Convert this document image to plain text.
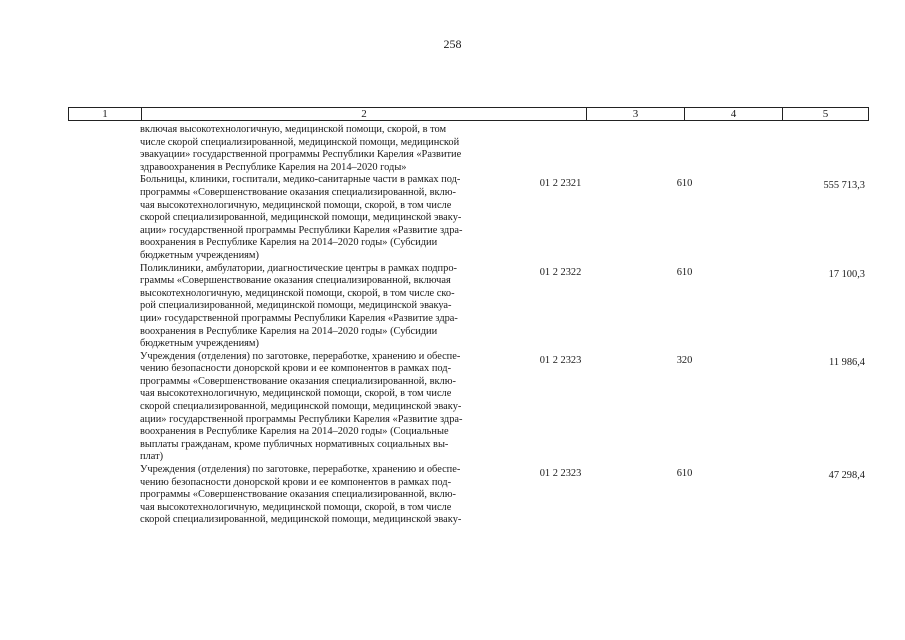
258
1	2	3	4	5
включая высокотехнологичную, медицинской помощи, скорой, в том
числе скорой специализированной, медицинской помощи, медицинской
эвакуации» государственной программы Республики Карелия «Развитие
здравоохранения в Республике Карелия на 2014–2020 годы»
Больницы, клиники, госпитали, медико-санитарные части в рамках под-
программы «Совершенствование оказания специализированной, вклю-
чая высокотехнологичную, медицинской помощи, скорой, в том числе
скорой специализированной, медицинской помощи, медицинской эваку-
ации» государственной программы Республики Карелия «Развитие здра-
воохранения в Республике Карелия на 2014–2020 годы» (Субсидии
бюджетным учреждениям)
01 2 2321	610	555 713,3
Поликлиники, амбулатории, диагностические центры в рамках подпро-
граммы «Совершенствование оказания специализированной, включая
высокотехнологичную, медицинской помощи, скорой, в том числе ско-
рой специализированной, медицинской помощи, медицинской эвакуа-
ции» государственной программы Республики Карелия «Развитие здра-
воохранения в Республике Карелия на 2014–2020 годы» (Субсидии
бюджетным учреждениям)
01 2 2322	610	17 100,3
Учреждения (отделения) по заготовке, переработке, хранению и обеспе-
чению безопасности донорской крови и ее компонентов в рамках под-
программы «Совершенствование оказания специализированной, вклю-
чая высокотехнологичную, медицинской помощи, скорой, в том числе
скорой специализированной, медицинской помощи, медицинской эваку-
ации» государственной программы Республики Карелия «Развитие здра-
воохранения в Республике Карелия на 2014–2020 годы» (Социальные
выплаты гражданам, кроме публичных нормативных социальных вы-
плат)
01 2 2323	320	11 986,4
Учреждения (отделения) по заготовке, переработке, хранению и обеспе-
чению безопасности донорской крови и ее компонентов в рамках под-
программы «Совершенствование оказания специализированной, вклю-
чая высокотехнологичную, медицинской помощи, скорой, в том числе
скорой специализированной, медицинской помощи, медицинской эваку-
01 2 2323	610	47 298,4
